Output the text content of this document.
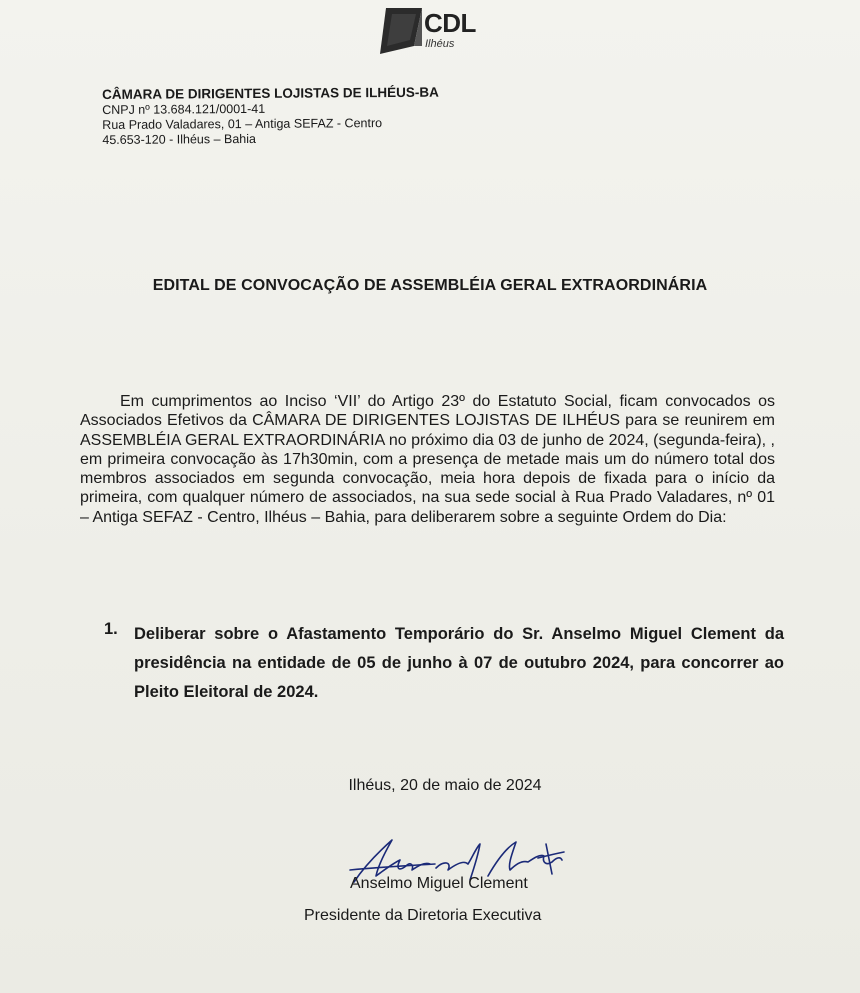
CDL
Ilhéus

CÂMARA DE DIRIGENTES LOJISTAS DE ILHÉUS-BA

CNPJ nº 13.684.121/0001-41

Rua Prado Valadares, 01 – Antiga SEFAZ - Centro

45.653-120 - Ilhéus – Bahia

EDITAL DE CONVOCAÇÃO DE ASSEMBLÉIA GERAL EXTRAORDINÁRIA

Em cumprimentos ao Inciso ‘VII’ do Artigo 23º do Estatuto Social, ficam convocados os Associados Efetivos da CÂMARA DE DIRIGENTES LOJISTAS DE ILHÉUS para se reunirem em ASSEMBLÉIA GERAL EXTRAORDINÁRIA no próximo dia 03 de junho de 2024, (segunda-feira), , em primeira convocação às 17h30min, com a presença de metade mais um do número total dos membros associados em segunda convocação, meia hora depois de fixada para o início da primeira, com qualquer número de associados, na sua sede social à Rua Prado Valadares, nº 01 – Antiga SEFAZ - Centro, Ilhéus – Bahia, para deliberarem sobre a seguinte Ordem do Dia:

1. Deliberar sobre o Afastamento Temporário do Sr. Anselmo Miguel Clement da presidência na entidade de 05 de junho à 07 de outubro 2024, para concorrer ao Pleito Eleitoral de 2024.

Ilhéus, 20 de maio de 2024
Anselmo Miguel Clement
Presidente da Diretoria Executiva
